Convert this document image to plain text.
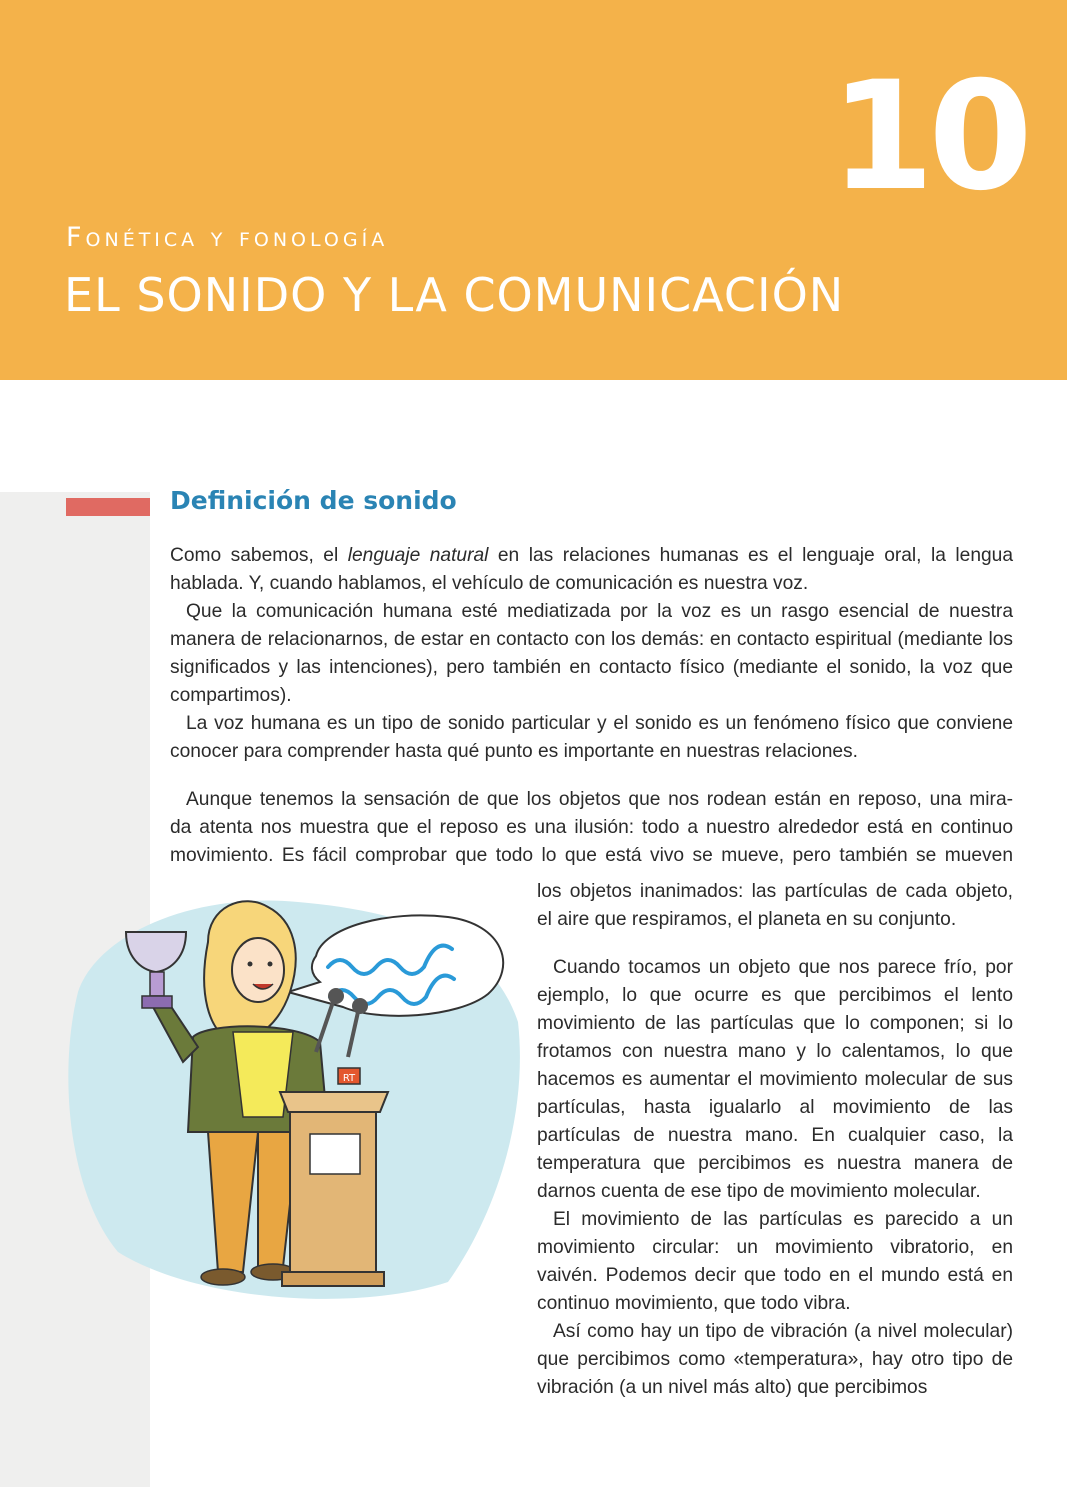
10
Fonética y fonología
EL SONIDO Y LA COMUNICACIÓN
Definición de sonido

Como sabemos, el lenguaje natural en las relaciones humanas es el lenguaje oral, la lengua hablada. Y, cuando hablamos, el vehículo de comunicación es nuestra voz.

Que la comunicación humana esté mediatizada por la voz es un rasgo esencial de nuestra manera de relacionarnos, de estar en contacto con los demás: en contacto espiritual (mediante los significados y las intenciones), pero también en contacto físico (mediante el sonido, la voz que compartimos).

La voz humana es un tipo de sonido particular y el sonido es un fenómeno físico que conviene conocer para comprender hasta qué punto es importante en nuestras relaciones.

Aunque tenemos la sensación de que los objetos que nos rodean están en reposo, una mira-
da atenta nos muestra que el reposo es una ilusión: todo a nuestro alrededor está en continuo
movimiento. Es fácil comprobar que todo lo que está vivo se mueve, pero también se mueven

los objetos inanimados: las partículas de cada objeto,
el aire que respiramos, el planeta en su conjunto.

Cuando tocamos un objeto que nos parece frío, por ejemplo, lo que ocurre es que percibimos el lento movimiento de las partículas que lo componen; si lo frotamos con nuestra mano y lo calentamos, lo que hacemos es aumentar el movimiento molecular de sus partículas, hasta igualarlo al movimiento de las partículas de nuestra mano. En cualquier caso, la temperatura que percibimos es nuestra manera de darnos cuenta de ese tipo de movimiento molecular.

El movimiento de las partículas es parecido a un movimiento circular: un movimiento vibratorio, en vaivén. Podemos decir que todo en el mundo está en continuo movimiento, que todo vibra.

Así como hay un tipo de vibración (a nivel molecular) que percibimos como «temperatura», hay otro tipo de vibración (a un nivel más alto) que percibimos

RT
